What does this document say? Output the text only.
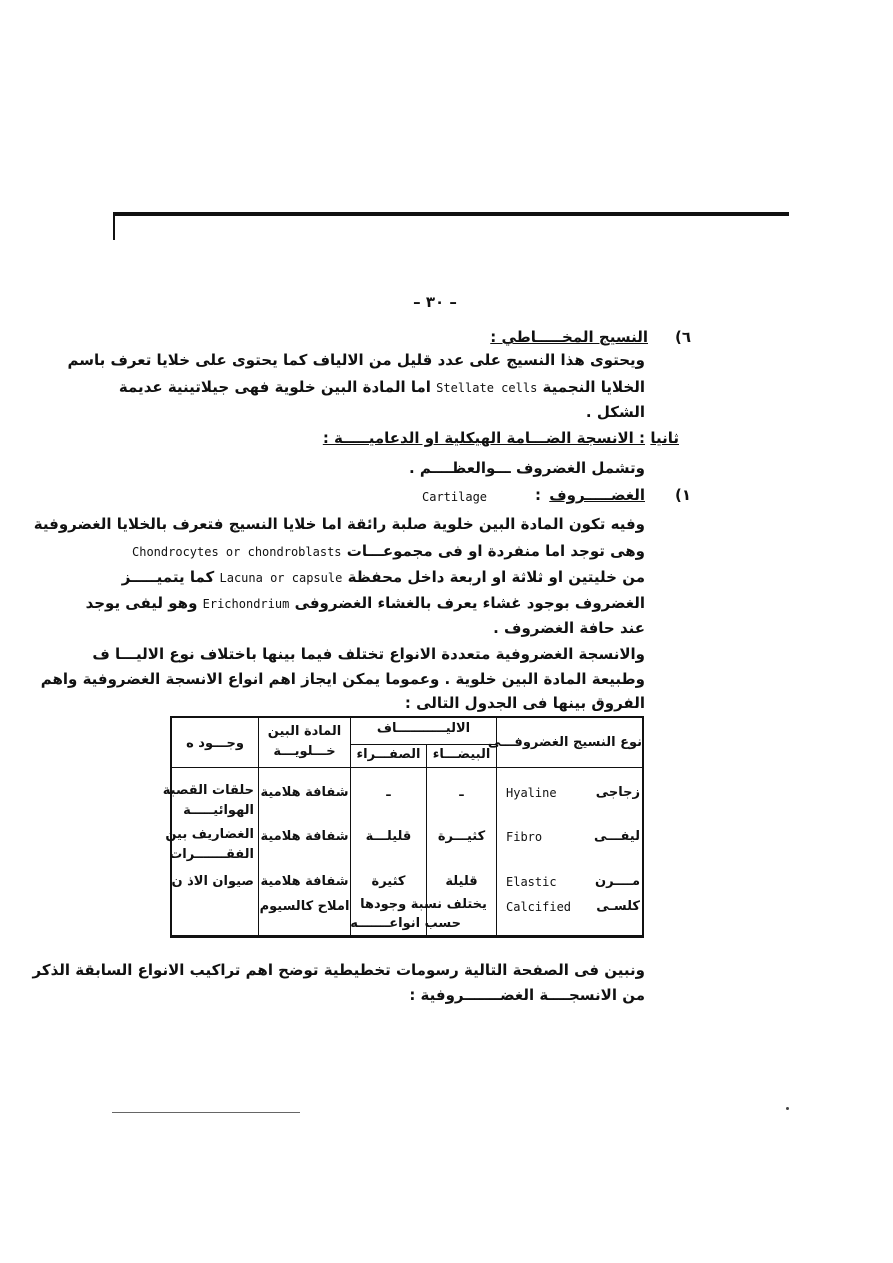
– ٣٠ –
٦)
النسيج المخـــــاطي :
ويحتوى هذا النسيج على عدد قليل من الالياف كما يحتوى على خلايا تعرف باسم
الخلايا النجمية Stellate cells اما المادة البين خلوية فهى جيلاتينية عديمة
الشكل .
ثانيا
: الانسجة الضـــامة الهيكلية او الدعاميـــــة :
وتشمل الغضروف ـــوالعظــــم .
١)
الغضـــــروف
:
Cartilage
وفيه تكون المادة البين خلوية صلبة رائقة اما خلايا النسيج فتعرف بالخلايا الغضروفية
وهى توجد اما منفردة او فى مجموعـــات Chondrocytes or chondroblasts
من خليتين او ثلاثة او اربعة داخل محفظة Lacuna or capsule كما يتميـــــز
الغضروف بوجود غشاء يعرف بالغشاء الغضروفى Erichondrium وهو ليفى يوجد
عند حافة الغضروف .
والانسجة الغضروفية متعددة الانواع تختلف فيما بينها باختلاف نوع الاليـــا ف
وطبيعة المادة البين خلوية . وعموما يمكن ايجاز اهم انواع الانسجة الغضروفية واهم
الفروق بينها فى الجدول التالى :
نوع النسيج الغضروفـــى
الاليـــــــــــاف
البيضـــاء
الصفـــراء
المادة البين
خـــلويـــة
وجـــود ه
زجاجى
Hyaline
ـ
ـ
شفافة هلامية
حلقات القصبة
الهوائيـــــة
ليفـــى
Fibro
كثيـــرة
قليلـــة
شفافة هلامية
الغضاريف بين
الفقـــــــرات
مــــرن
Elastic
قليلة
كثيرة
شفافة هلامية
صيوان الاذ ن
كلسـى
Calcified
يختلف نسبة وجودها
حسب انواعـــــــه
املاح كالسيوم
ونبين فى الصفحة التالية رسومات تخطيطية توضح اهم تراكيب الانواع السابقة الذكر
من الانسجــــة الغضـــــــروفية :
